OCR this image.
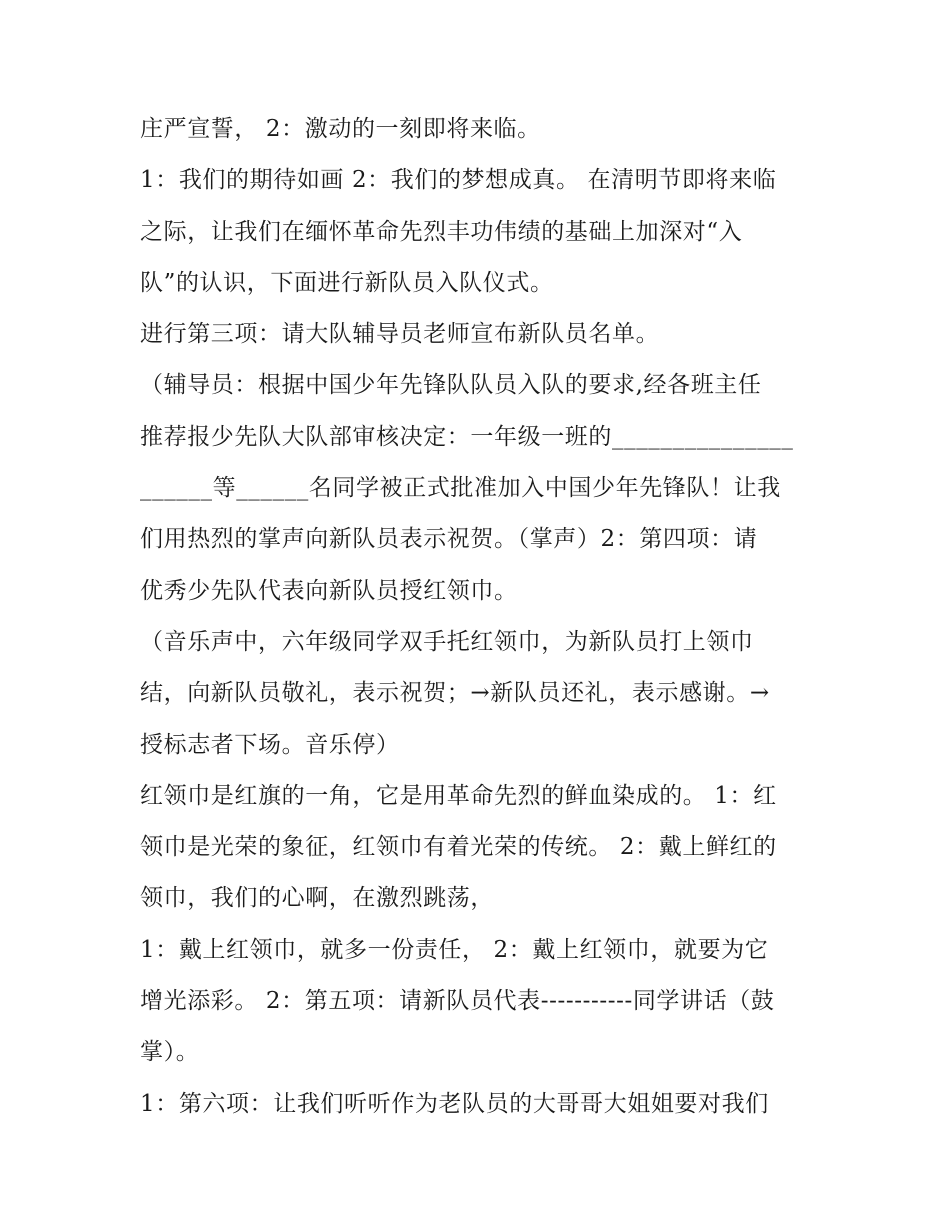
庄严宣誓， 2：激动的一刻即将来临。
1：我们的期待如画 2：我们的梦想成真。 在清明节即将来临
之际，让我们在缅怀革命先烈丰功伟绩的基础上加深对“入
队”的认识，下面进行新队员入队仪式。
进行第三项：请大队辅导员老师宣布新队员名单。
（辅导员：根据中国少年先锋队队员入队的要求,经各班主任
推荐报少先队大队部审核决定：一年级一班的_______________
______等______名同学被正式批准加入中国少年先锋队！让我
们用热烈的掌声向新队员表示祝贺。（掌声）2：第四项：请
优秀少先队代表向新队员授红领巾。
（音乐声中，六年级同学双手托红领巾，为新队员打上领巾
结，向新队员敬礼，表示祝贺；→新队员还礼，表示感谢。→
授标志者下场。音乐停）
红领巾是红旗的一角，它是用革命先烈的鲜血染成的。 1：红
领巾是光荣的象征，红领巾有着光荣的传统。 2：戴上鲜红的
领巾，我们的心啊，在激烈跳荡，
1：戴上红领巾，就多一份责任， 2：戴上红领巾，就要为它
增光添彩。 2：第五项：请新队员代表-----------同学讲话（鼓
掌）。
1：第六项：让我们听听作为老队员的大哥哥大姐姐要对我们
